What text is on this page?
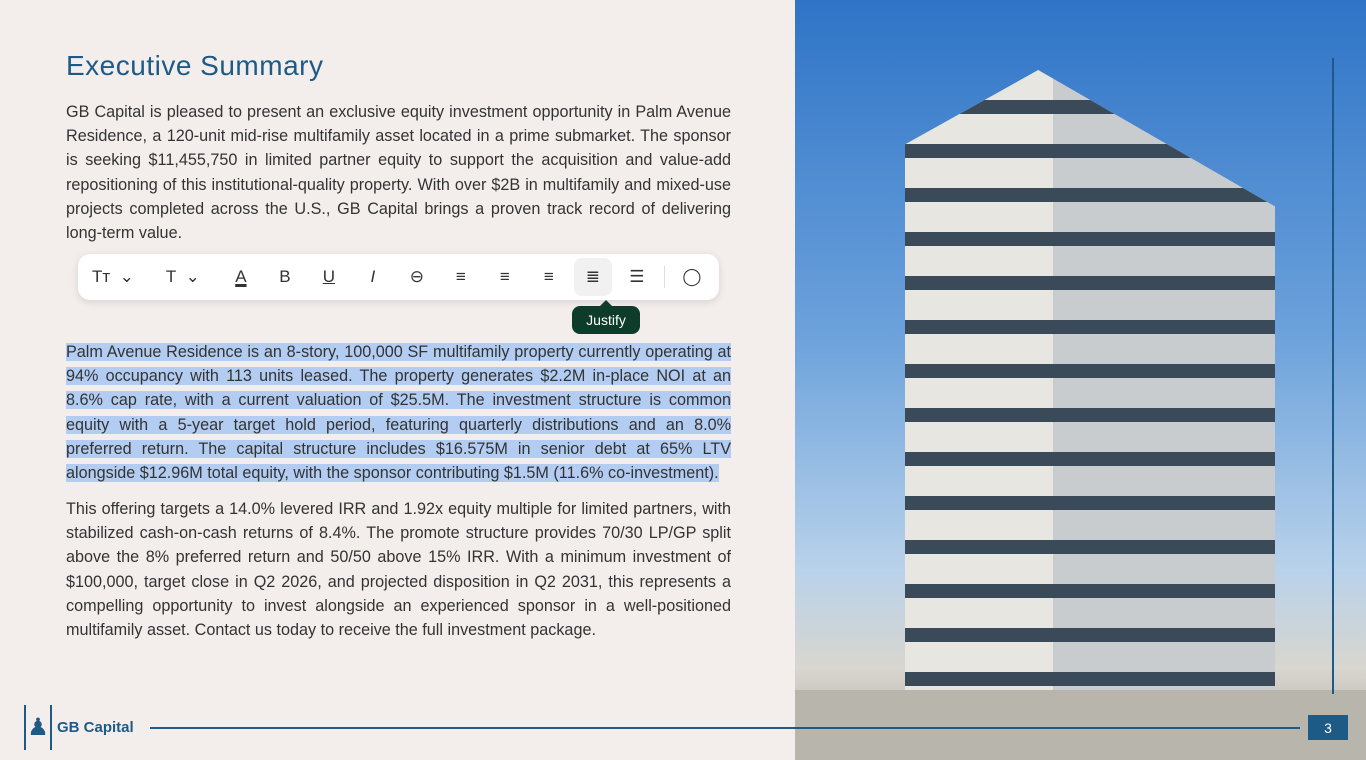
Executive Summary

GB Capital is pleased to present an exclusive equity investment opportunity in Palm Avenue Residence, a 120-unit mid-rise multifamily asset located in a prime submarket. The sponsor is seeking $11,455,750 in limited partner equity to support the acquisition and value-add repositioning of this institutional-quality property. With over $2B in multifamily and mixed-use projects completed across the U.S., GB Capital brings a proven track record of delivering long-term value.

Palm Avenue Residence is an 8-story, 100,000 SF multifamily property currently operating at 94% occupancy with 113 units leased. The property generates $2.2M in-place NOI at an 8.6% cap rate, with a current valuation of $25.5M. The investment structure is common equity with a 5-year target hold period, featuring quarterly distributions and an 8.0% preferred return. The capital structure includes $16.575M in senior debt at 65% LTV alongside $12.96M total equity, with the sponsor contributing $1.5M (11.6% co-investment).

This offering targets a 14.0% levered IRR and 1.92x equity multiple for limited partners, with stabilized cash-on-cash returns of 8.4%. The promote structure provides 70/30 LP/GP split above the 8% preferred return and 50/50 above 15% IRR. With a minimum investment of $100,000, target close in Q2 2026, and projected disposition in Q2 2031, this represents a compelling opportunity to invest alongside an experienced sponsor in a well-positioned multifamily asset. Contact us today to receive the full investment package.

Tт
⌄ T
⌄ A B U I ⊖ ≡ ≡ ≡ ≣ ☰ ◯
Justify
♟ GB Capital	3
